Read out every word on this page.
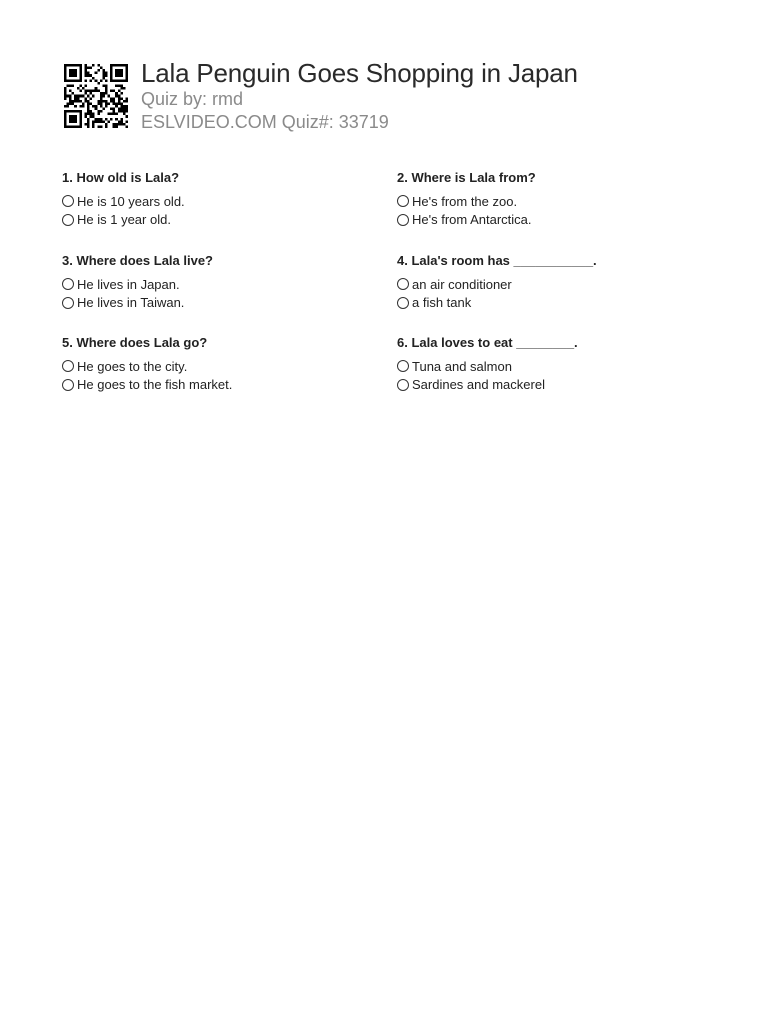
Lala Penguin Goes Shopping in Japan

Quiz by: rmd

ESLVIDEO.COM Quiz#: 33719

1. How old is Lala?

He is 10 years old.
He is 1 year old.

2. Where is Lala from?

He's from the zoo.
He's from Antarctica.

3. Where does Lala live?

He lives in Japan.
He lives in Taiwan.

4. Lala's room has ___________.

an air conditioner
a fish tank

5. Where does Lala go?

He goes to the city.
He goes to the fish market.

6. Lala loves to eat ________.

Tuna and salmon
Sardines and mackerel
